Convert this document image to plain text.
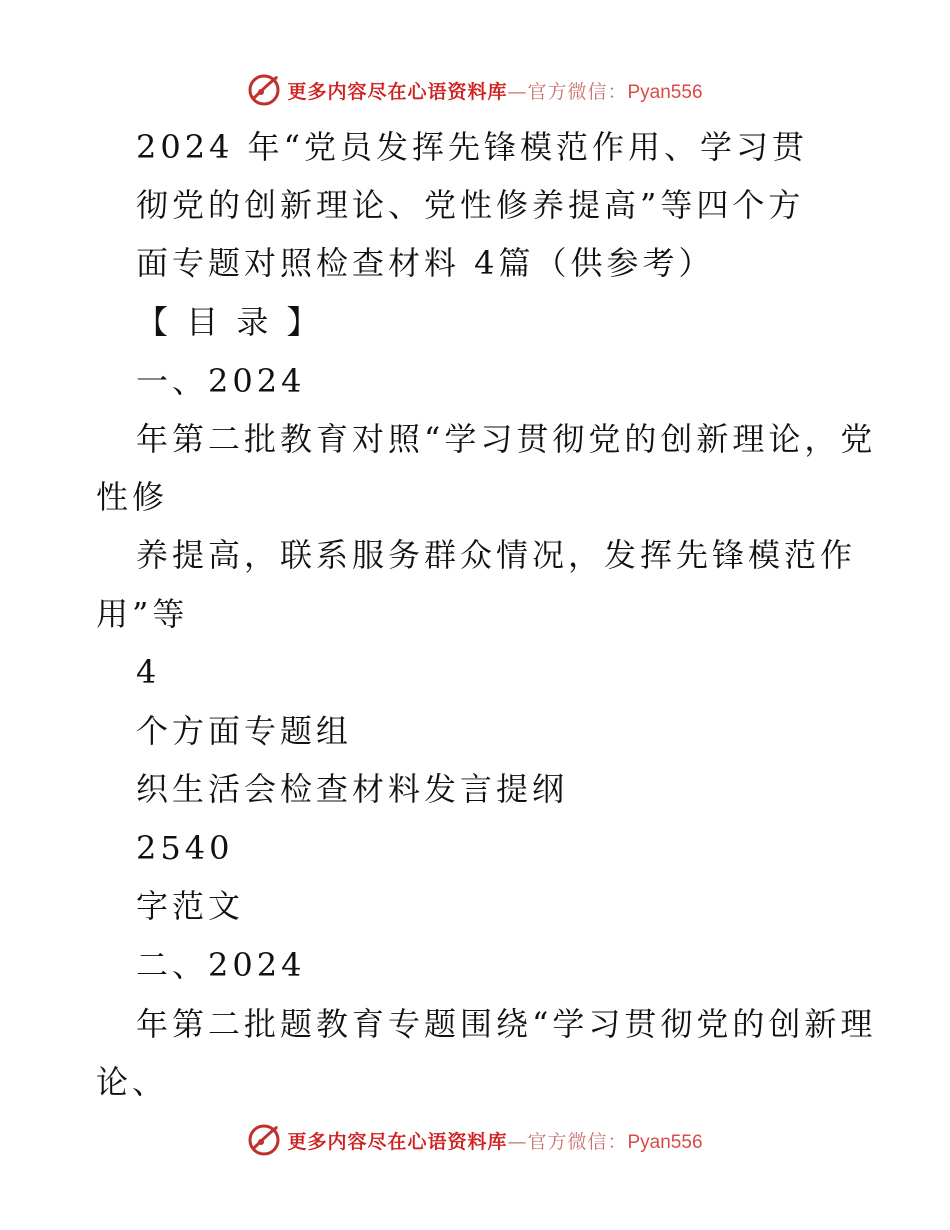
更多内容尽在心语资料库—官方微信：Pyan556
2024 年“党员发挥先锋模范作用、学习贯
彻党的创新理论、党性修养提高”等四个方
面专题对照检查材料 4篇（供参考）
【 目 录 】
一、2024
年第二批教育对照“学习贯彻党的创新理论，党
性修
养提高，联系服务群众情况，发挥先锋模范作
用”等
4
个方面专题组
织生活会检查材料发言提纲
2540
字范文
二、2024
年第二批题教育专题围绕“学习贯彻党的创新理
论、
更多内容尽在心语资料库—官方微信：Pyan556
